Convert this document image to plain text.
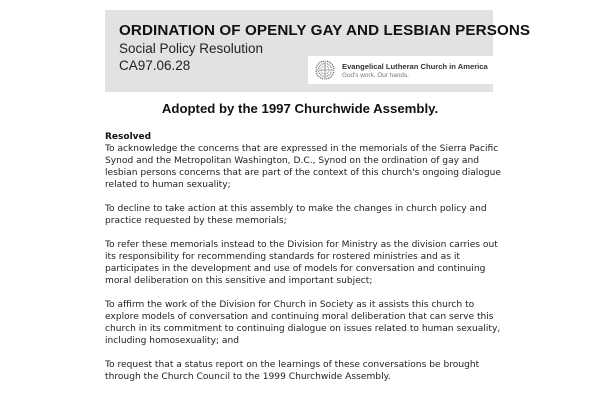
ORDINATION OF OPENLY GAY AND LESBIAN PERSONS
Social Policy Resolution
CA97.06.28	Evangelical Lutheran Church in America
God's work. Our hands.
Adopted by the 1997 Churchwide Assembly.
Resolved
To acknowledge the concerns that are expressed in the memorials of the Sierra Pacific Synod and the Metropolitan Washington, D.C., Synod on the ordination of gay and lesbian persons concerns that are part of the context of this church's ongoing dialogue related to human sexuality;
To decline to take action at this assembly to make the changes in church policy and practice requested by these memorials;
To refer these memorials instead to the Division for Ministry as the division carries out its responsibility for recommending standards for rostered ministries and as it participates in the development and use of models for conversation and continuing moral deliberation on this sensitive and important subject;
To affirm the work of the Division for Church in Society as it assists this church to explore models of conversation and continuing moral deliberation that can serve this church in its commitment to continuing dialogue on issues related to human sexuality, including homosexuality; and
To request that a status report on the learnings of these conversations be brought through the Church Council to the 1999 Churchwide Assembly.
